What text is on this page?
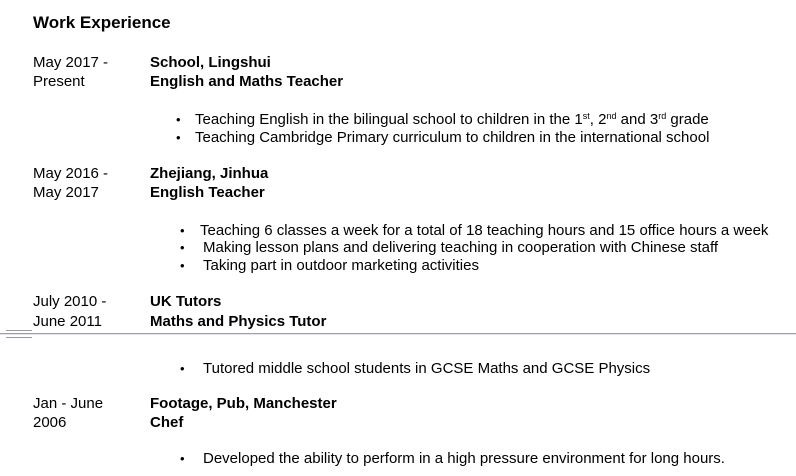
Work Experience
May 2017 -
Present
School, Lingshui
English and Maths Teacher
• Teaching English in the bilingual school to children in the 1st, 2nd and 3rd grade
• Teaching Cambridge Primary curriculum to children in the international school
May 2016 -
May 2017
Zhejiang, Jinhua
English Teacher
• Teaching 6 classes a week for a total of 18 teaching hours and 15 office hours a week
• Making lesson plans and delivering teaching in cooperation with Chinese staff
• Taking part in outdoor marketing activities
July 2010 -
June 2011
UK Tutors
Maths and Physics Tutor
• Tutored middle school students in GCSE Maths and GCSE Physics
Jan - June
2006
Footage, Pub, Manchester
Chef
• Developed the ability to perform in a high pressure environment for long hours.
